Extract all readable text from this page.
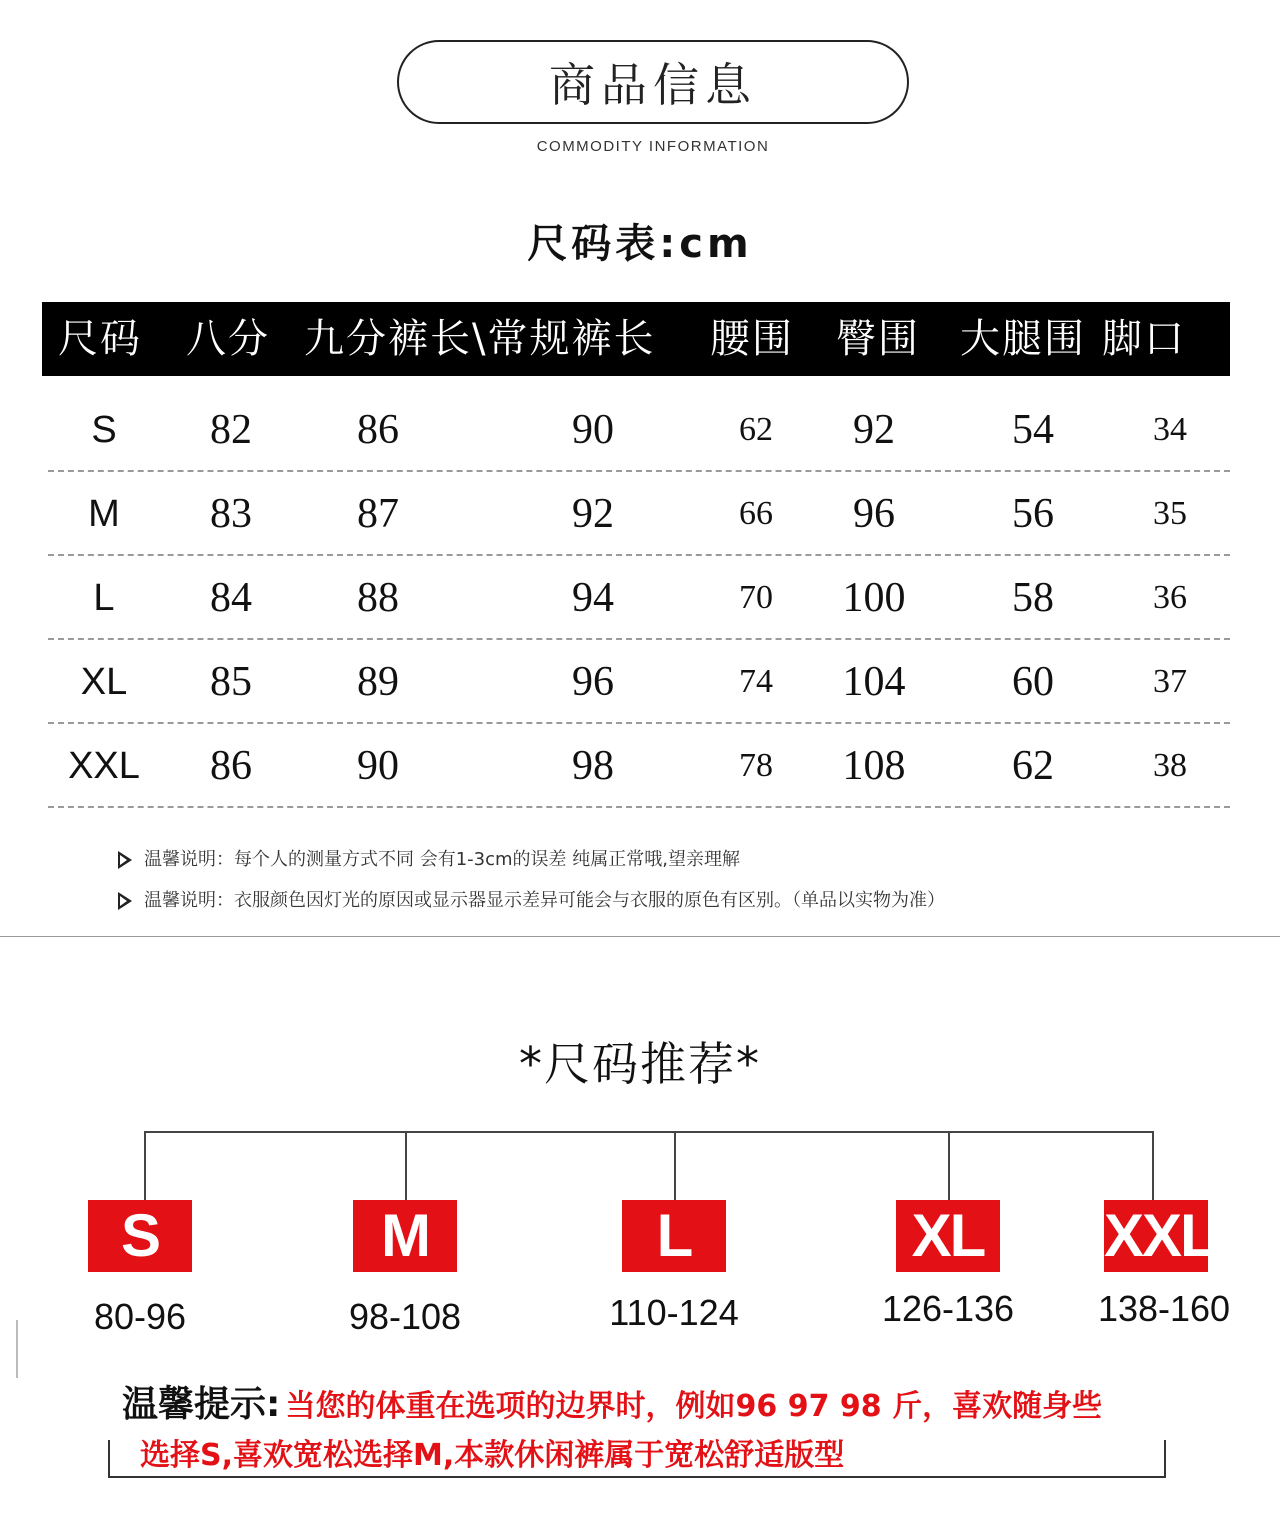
商品信息
COMMODITY INFORMATION
尺码表:cm
尺码 八分 九分裤长\常规裤长 腰围 臀围 大腿围 脚口
S	82	86	90	62	92	54	34
M	83	87	92	66	96	56	35
L	84	88	94	70	100	58	36
XL	85	89	96	74	104	60	37
XXL	86	90	98	78	108	62	38
温馨说明：每个人的测量方式不同 会有1-3cm的误差 纯属正常哦,望亲理解
温馨说明：衣服颜色因灯光的原因或显示器显示差异可能会与衣服的原色有区别。（单品以实物为准）
*尺码推荐*
S
80-96
M
98-108
L
110-124
XL
126-136
XXL
138-160
温馨提示: 当您的体重在选项的边界时，例如96 97 98 斤，喜欢随身些
选择S,喜欢宽松选择M,本款休闲裤属于宽松舒适版型
